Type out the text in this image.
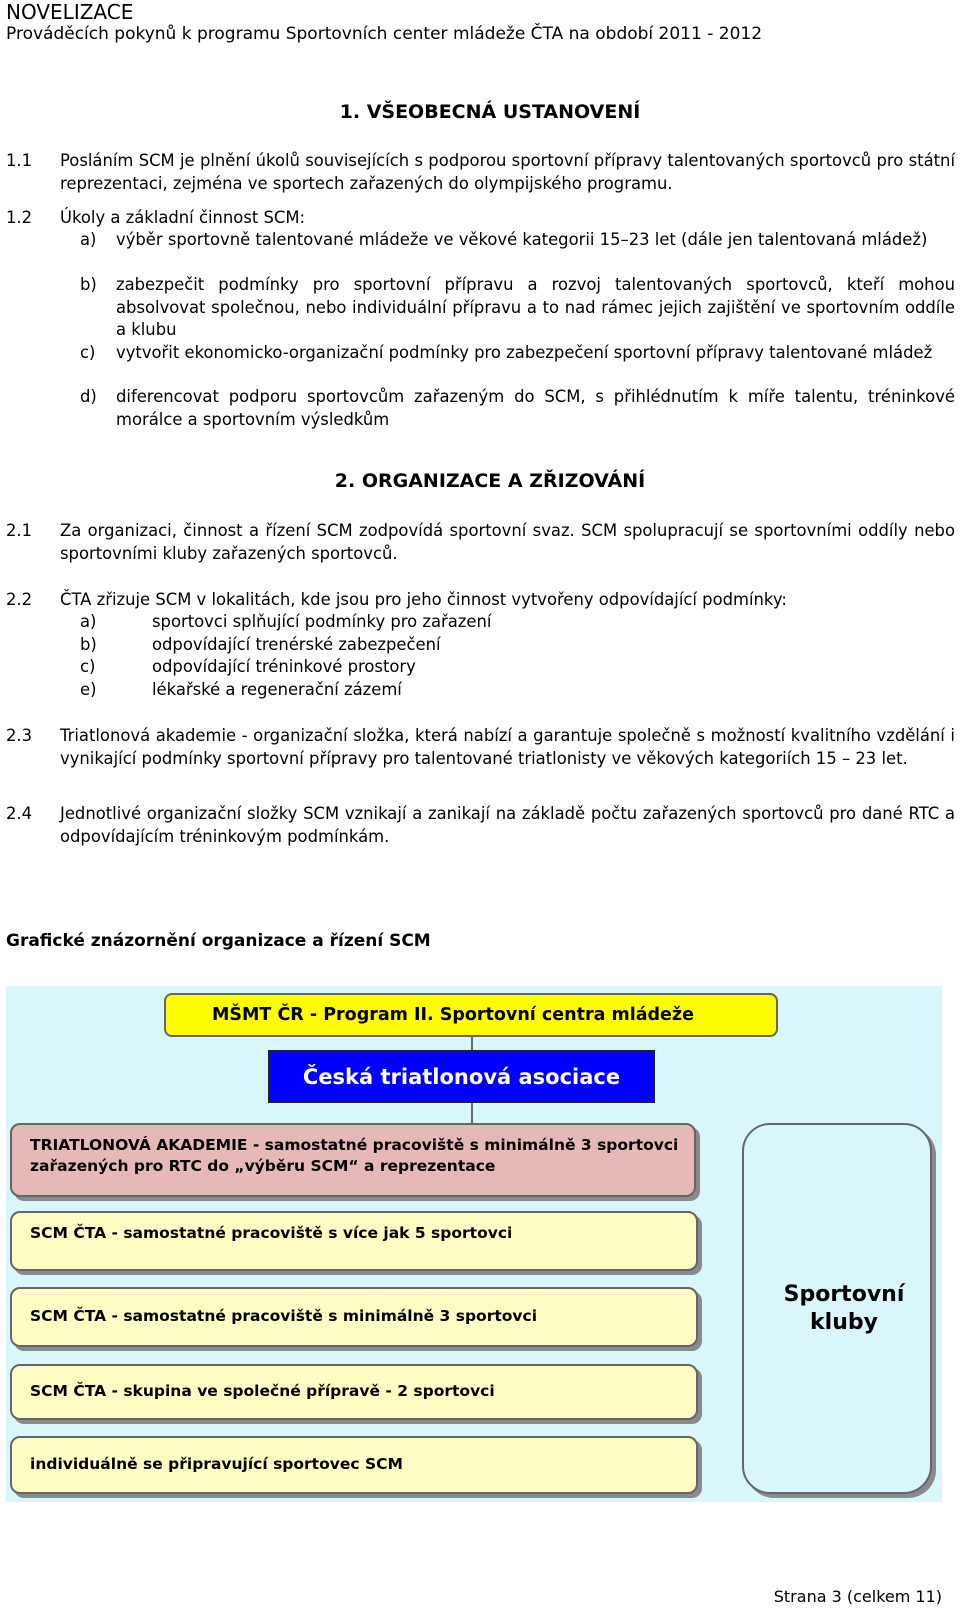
NOVELIZACE
Prováděcích pokynů k programu Sportovních center mládeže ČTA na období 2011 - 2012
1. VŠEOBECNÁ USTANOVENÍ
1.1 Posláním SCM je plnění úkolů souvisejících s podporou sportovní přípravy talentovaných sportovců pro státní reprezentaci, zejména ve sportech zařazených do olympijského programu.
1.2 Úkoly a základní činnost SCM:
a) výběr sportovně talentované mládeže ve věkové kategorii 15–23 let (dále jen talentovaná mládež)
b) zabezpečit podmínky pro sportovní přípravu a rozvoj talentovaných sportovců, kteří mohou absolvovat společnou, nebo individuální přípravu a to nad rámec jejich zajištění ve sportovním oddíle a klubu
c) vytvořit ekonomicko-organizační podmínky pro zabezpečení sportovní přípravy talentované mládež
d) diferencovat podporu sportovcům zařazeným do SCM, s přihlédnutím k míře talentu, tréninkové morálce a sportovním výsledkům
2. ORGANIZACE A ZŘIZOVÁNÍ
2.1 Za organizaci, činnost a řízení SCM zodpovídá sportovní svaz. SCM spolupracují se sportovními oddíly nebo sportovními kluby zařazených sportovců.
2.2 ČTA zřizuje SCM v lokalitách, kde jsou pro jeho činnost vytvořeny odpovídající podmínky:
a)	sportovci splňující podmínky pro zařazení
b)	odpovídající trenérské zabezpečení
c)	odpovídající tréninkové prostory
e)	lékařské a regenerační zázemí
2.3 Triatlonová akademie - organizační složka, která nabízí a garantuje společně s možností kvalitního vzdělání i vynikající podmínky sportovní přípravy pro talentované triatlonisty ve věkových kategoriích 15 – 23 let.
2.4 Jednotlivé organizační složky SCM vznikají a zanikají na základě počtu zařazených sportovců pro dané RTC a odpovídajícím tréninkovým podmínkám.
Grafické znázornění organizace a řízení SCM
MŠMT ČR - Program II. Sportovní centra mládeže
Česká triatlonová asociace
TRIATLONOVÁ AKADEMIE - samostatné pracoviště s minimálně 3 sportovci zařazených pro RTC do „výběru SCM“ a reprezentace
SCM ČTA - samostatné pracoviště s více jak 5 sportovci
SCM ČTA - samostatné pracoviště s minimálně 3 sportovci
SCM ČTA - skupina ve společné přípravě - 2 sportovci
individuálně se připravující sportovec SCM
Sportovní kluby
Strana 3 (celkem 11)
